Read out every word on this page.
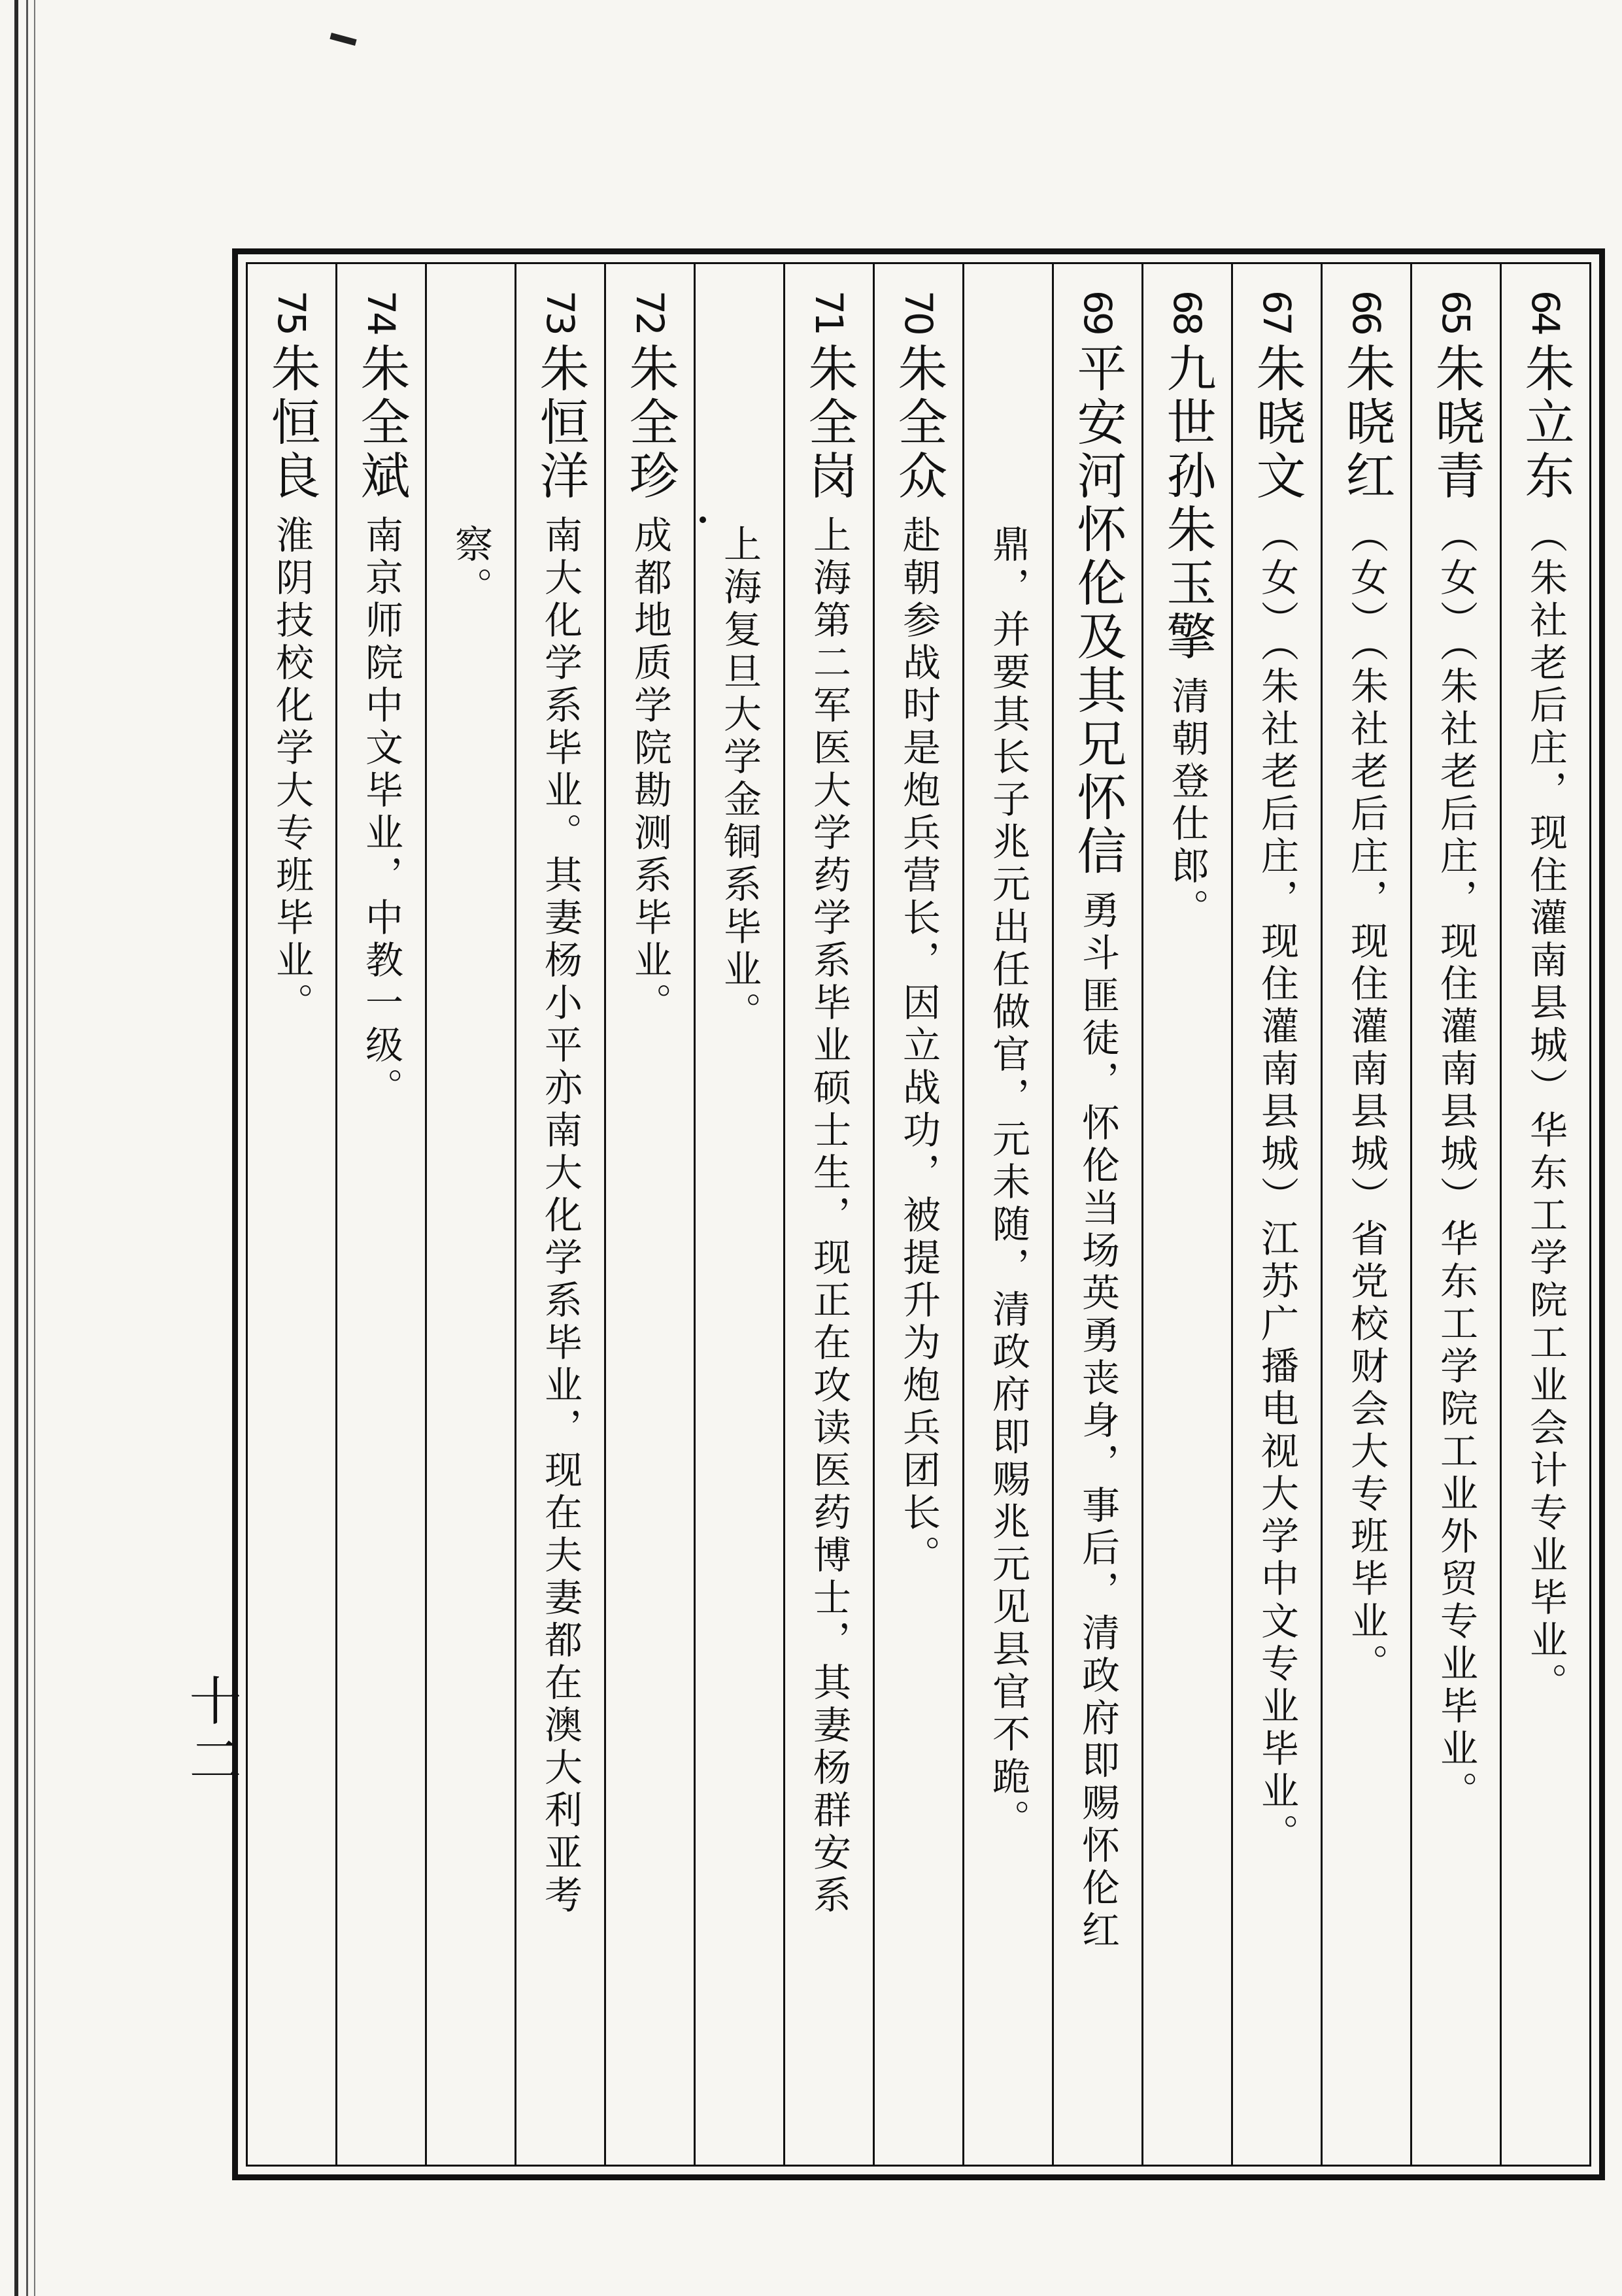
64
朱立东
（朱社老后庄，现住灌南县城）华东工学院工业会计专业毕业。
65
朱晓青
（女）（朱社老后庄，现住灌南县城）华东工学院工业外贸专业毕业。
66
朱晓红
（女）（朱社老后庄，现住灌南县城）省党校财会大专班毕业。
67
朱晓文
（女）（朱社老后庄，现住灌南县城）江苏广播电视大学中文专业毕业。
68
九世孙朱玉擎
清朝登仕郎。
69
平安河怀伦及其兄怀信
勇斗匪徒，怀伦当场英勇丧身，事后，清政府即赐怀伦红
鼎，并要其长子兆元出任做官，元未随，清政府即赐兆元见县官不跪。
70
朱全众
赴朝参战时是炮兵营长，因立战功，被提升为炮兵团长。
71
朱全岗
上海第二军医大学药学系毕业硕士生，现正在攻读医药博士，其妻杨群安系
上海复旦大学金铜系毕业。
72
朱全珍
成都地质学院勘测系毕业。
73
朱恒洋
南大化学系毕业。其妻杨小平亦南大化学系毕业，现在夫妻都在澳大利亚考
察。
74
朱全斌
南京师院中文毕业，中教一级。
75
朱恒良
淮阴技校化学大专班毕业。
十二
